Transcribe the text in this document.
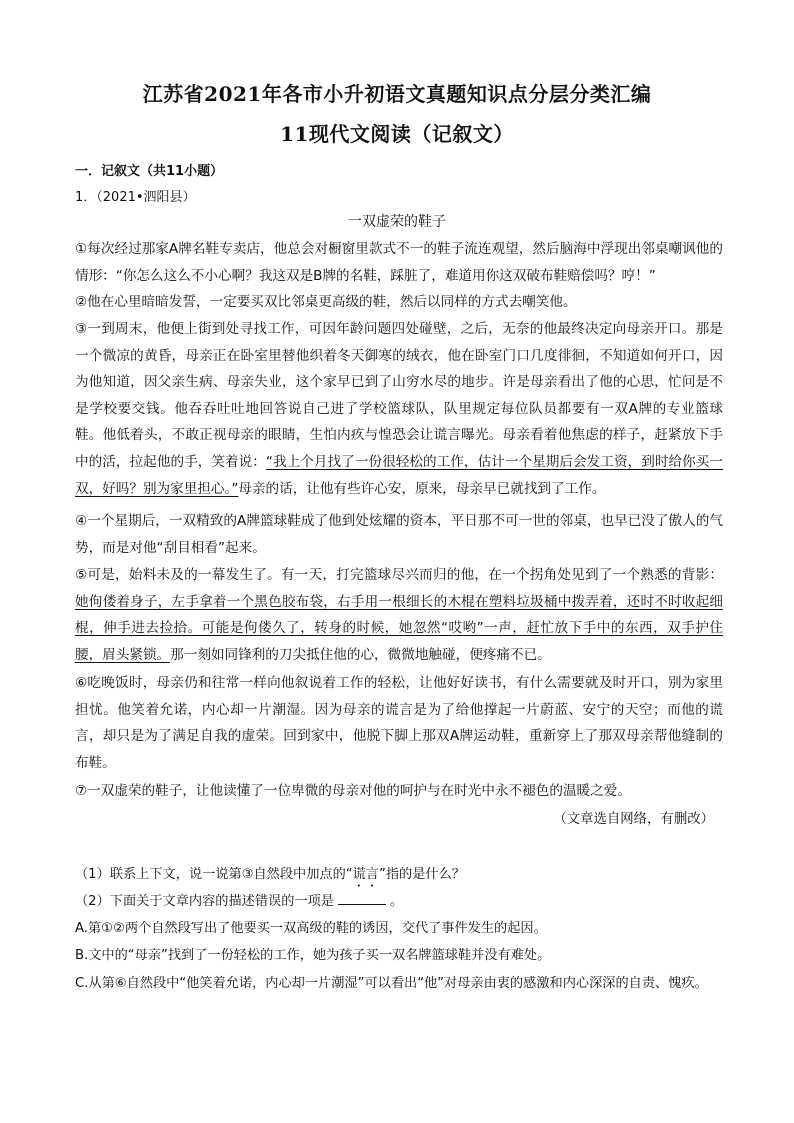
江苏省2021年各市小升初语文真题知识点分层分类汇编
11现代文阅读（记叙文）
一．记叙文（共11小题）
1．（2021•泗阳县）
一双虚荣的鞋子

①每次经过那家A牌名鞋专卖店，他总会对橱窗里款式不一的鞋子流连观望，然后脑海中浮现出邻桌嘲讽他的情形：“你怎么这么不小心啊？我这双是B牌的名鞋，踩脏了，难道用你这双破布鞋赔偿吗？哼！”

②他在心里暗暗发誓，一定要买双比邻桌更高级的鞋，然后以同样的方式去嘲笑他。

③一到周末，他便上街到处寻找工作，可因年龄问题四处碰壁，之后，无奈的他最终决定向母亲开口。那是一个微凉的黄昏，母亲正在卧室里替他织着冬天御寒的绒衣，他在卧室门口几度徘徊，不知道如何开口，因为他知道，因父亲生病、母亲失业，这个家早已到了山穷水尽的地步。许是母亲看出了他的心思，忙问是不是学校要交钱。他吞吞吐吐地回答说自己进了学校篮球队，队里规定每位队员都要有一双A牌的专业篮球鞋。他低着头，不敢正视母亲的眼睛，生怕内疚与惶恐会让谎言曝光。母亲看着他焦虑的样子，赶紧放下手中的活，拉起他的手，笑着说：“我上个月找了一份很轻松的工作，估计一个星期后会发工资，到时给你买一双，好吗？别为家里担心。”母亲的话，让他有些许心安，原来，母亲早已就找到了工作。

④一个星期后，一双精致的A牌篮球鞋成了他到处炫耀的资本，平日那不可一世的邻桌，也早已没了傲人的气势，而是对他“刮目相看”起来。

⑤可是，始料未及的一幕发生了。有一天，打完篮球尽兴而归的他，在一个拐角处见到了一个熟悉的背影：她佝偻着身子，左手拿着一个黑色胶布袋，右手用一根细长的木棍在塑料垃圾桶中拨弄着，还时不时收起细棍，伸手进去捡拾。可能是佝偻久了，转身的时候，她忽然“哎哟”一声，赶忙放下手中的东西，双手护住腰，眉头紧锁。那一刻如同锋利的刀尖抵住他的心，微微地触碰，便疼痛不已。

⑥吃晚饭时，母亲仍和往常一样向他叙说着工作的轻松，让他好好读书，有什么需要就及时开口，别为家里担忧。他笑着允诺，内心却一片潮湿。因为母亲的谎言是为了给他撑起一片蔚蓝、安宁的天空；而他的谎言，却只是为了满足自我的虚荣。回到家中，他脱下脚上那双A牌运动鞋，重新穿上了那双母亲帮他缝制的布鞋。

⑦一双虚荣的鞋子，让他读懂了一位卑微的母亲对他的呵护与在时光中永不褪色的温暖之爱。

（文章选自网络，有删改）

（1）联系上下文，说一说第③自然段中加点的“谎言”指的是什么？

（2）下面关于文章内容的描述错误的一项是	。

A.第①②两个自然段写出了他要买一双高级的鞋的诱因，交代了事件发生的起因。

B.文中的“母亲”找到了一份轻松的工作，她为孩子买一双名牌篮球鞋并没有难处。

C.从第⑥自然段中“他笑着允诺，内心却一片潮湿”可以看出“他”对母亲由衷的感激和内心深深的自责、愧疚。
